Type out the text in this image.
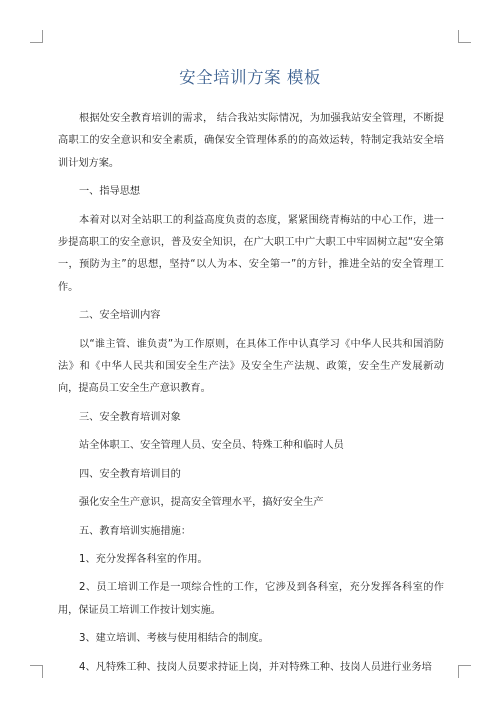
安全培训方案 模板

根据处安全教育培训的需求， 结合我站实际情况，为加强我站安全管理，不断提高职工的安全意识和安全素质，确保安全管理体系的的高效运转，特制定我站安全培训计划方案。

一、指导思想

本着对以对全站职工的利益高度负责的态度，紧紧围绕青梅站的中心工作，进一步提高职工的安全意识，普及安全知识，在广大职工中广大职工中牢固树立起“安全第一，预防为主”的思想，坚持“以人为本、安全第一”的方针，推进全站的安全管理工作。

二、安全培训内容

以“谁主管、谁负责”为工作原则，在具体工作中认真学习《中华人民共和国消防法》和《中华人民共和国安全生产法》及安全生产法规、政策，安全生产发展新动向，提高员工安全生产意识教育。

三、安全教育培训对象

站全体职工、安全管理人员、安全员、特殊工种和临时人员

四、安全教育培训目的

强化安全生产意识，提高安全管理水平，搞好安全生产

五、教育培训实施措施：

1、充分发挥各科室的作用。

2、员工培训工作是一项综合性的工作，它涉及到各科室，充分发挥各科室的作用，保证员工培训工作按计划实施。

3、建立培训、考核与使用相结合的制度。

4、凡特殊工种、技岗人员要求持证上岗，并对特殊工种、技岗人员进行业务培
